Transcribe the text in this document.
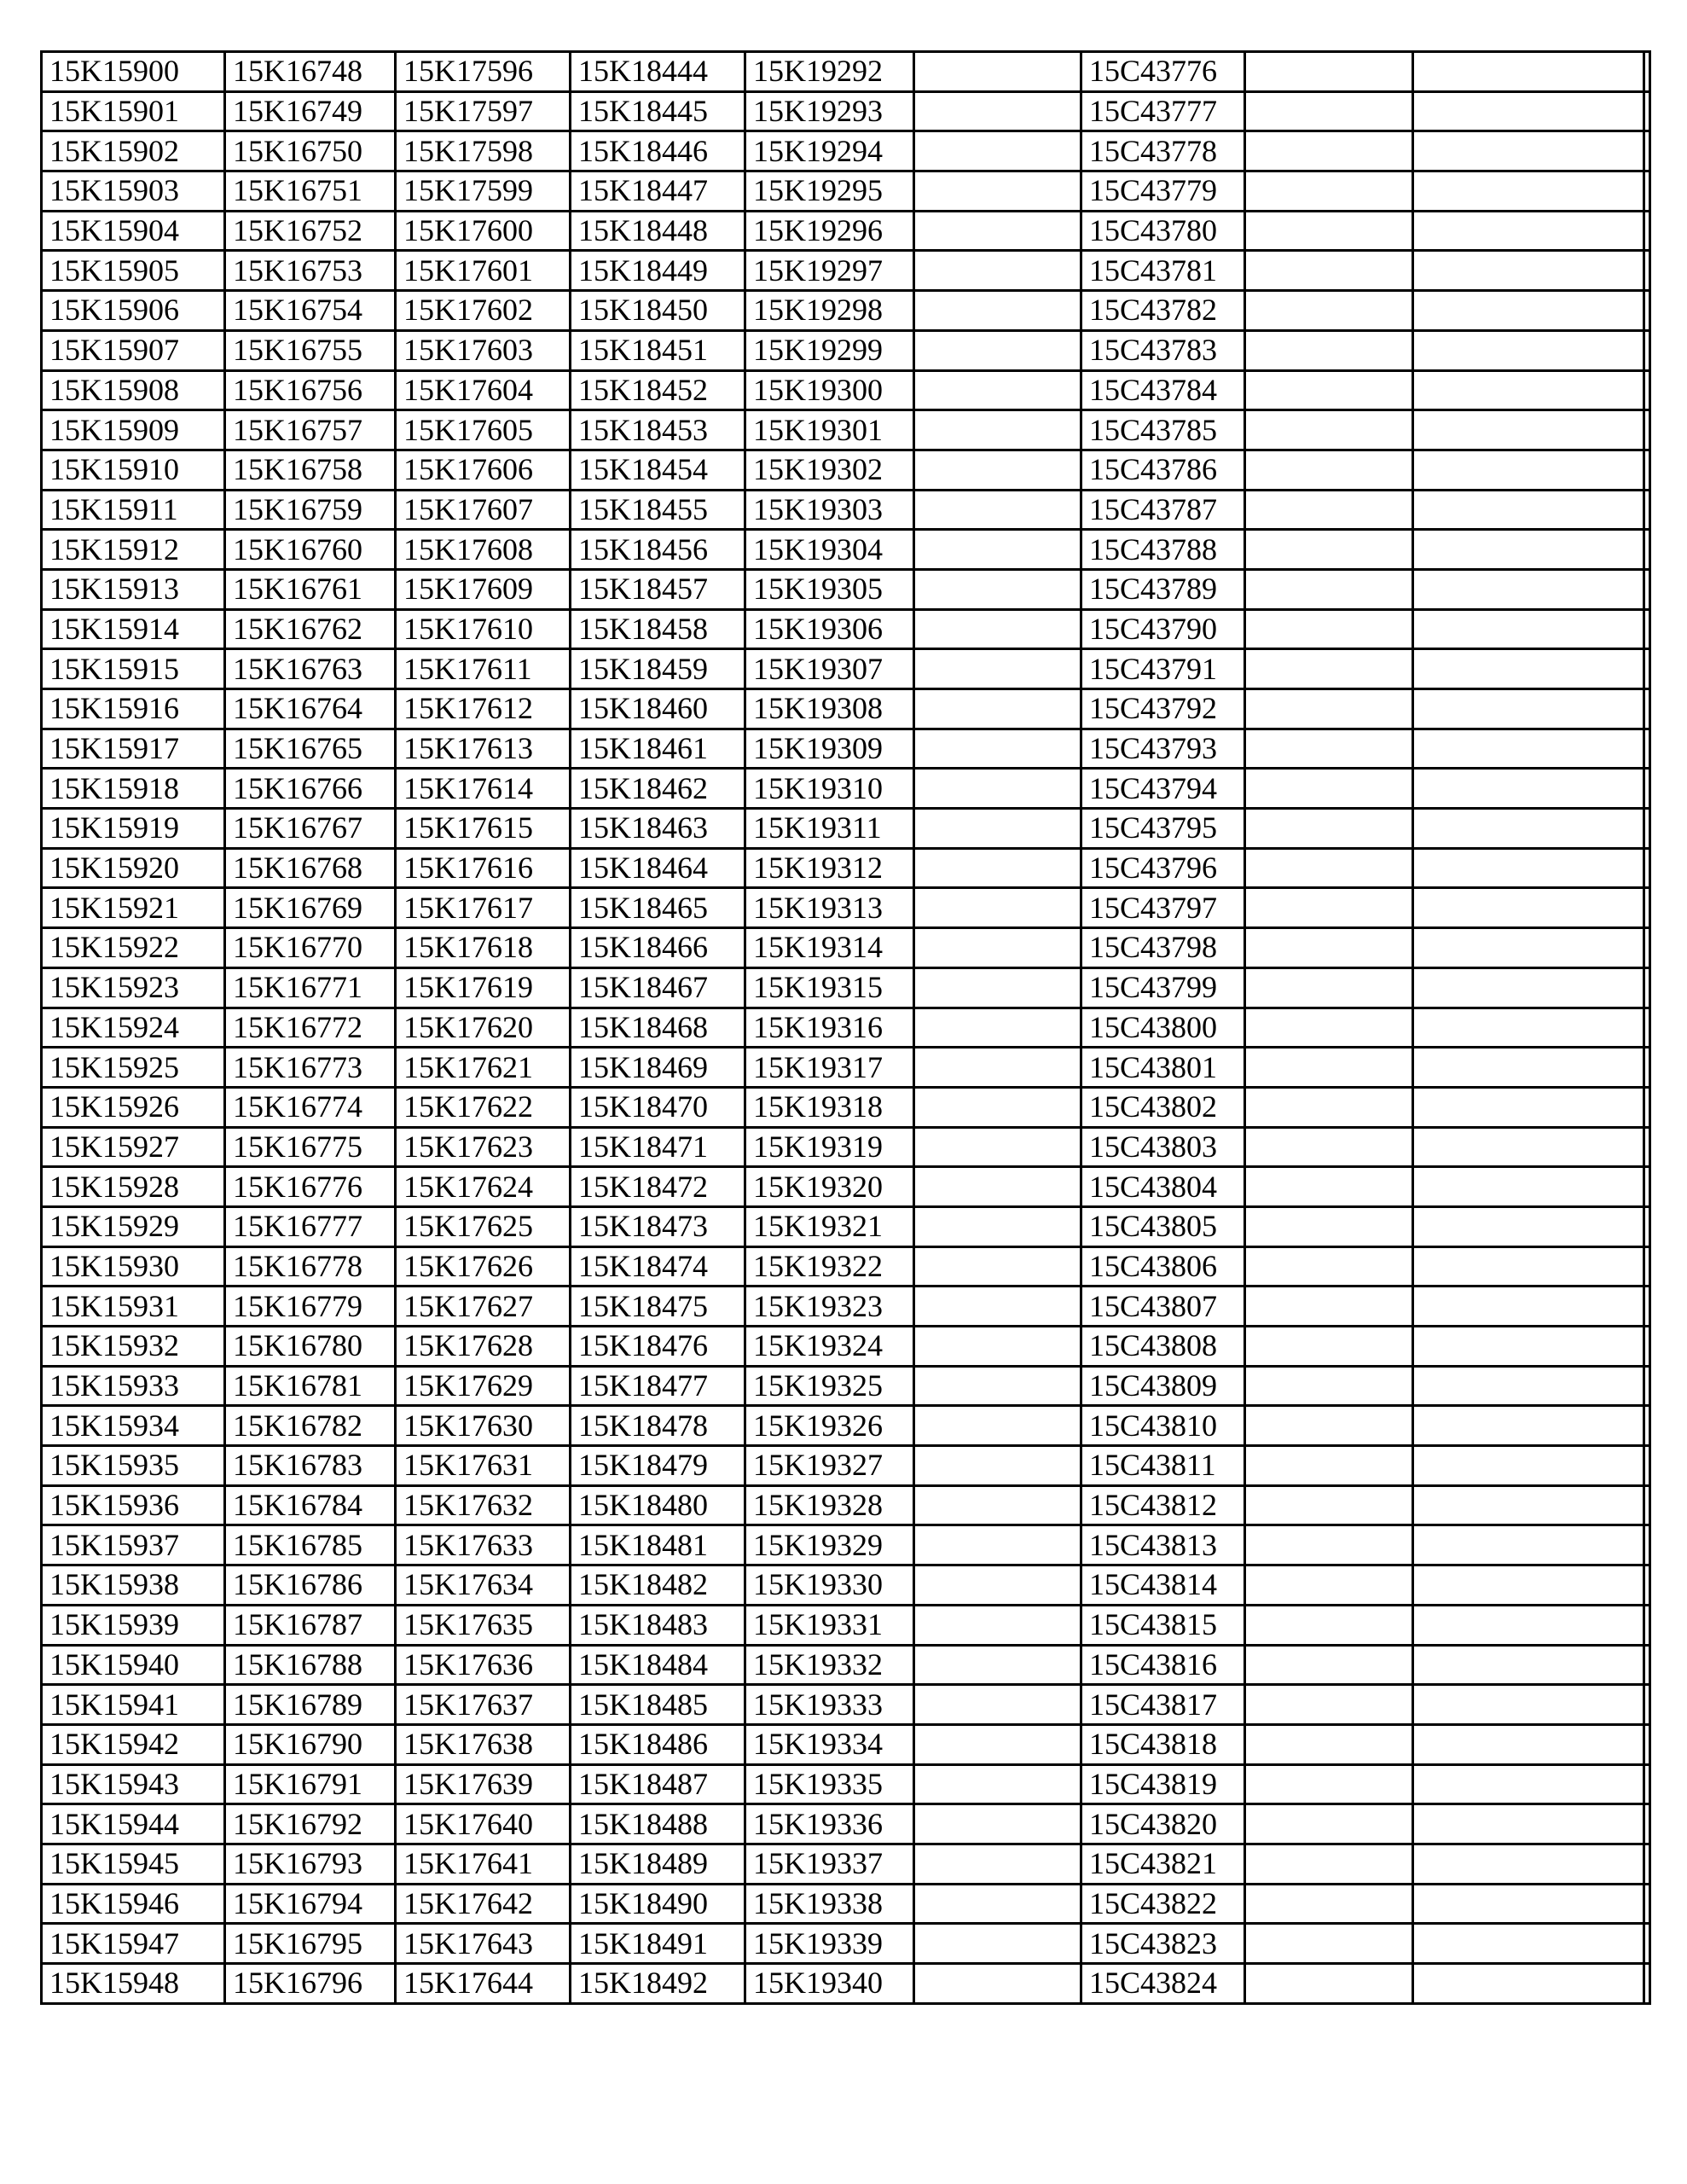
15K15900	15K16748	15K17596	15K18444	15K19292		15C43776			
15K15901	15K16749	15K17597	15K18445	15K19293		15C43777			
15K15902	15K16750	15K17598	15K18446	15K19294		15C43778			
15K15903	15K16751	15K17599	15K18447	15K19295		15C43779			
15K15904	15K16752	15K17600	15K18448	15K19296		15C43780			
15K15905	15K16753	15K17601	15K18449	15K19297		15C43781			
15K15906	15K16754	15K17602	15K18450	15K19298		15C43782			
15K15907	15K16755	15K17603	15K18451	15K19299		15C43783			
15K15908	15K16756	15K17604	15K18452	15K19300		15C43784			
15K15909	15K16757	15K17605	15K18453	15K19301		15C43785			
15K15910	15K16758	15K17606	15K18454	15K19302		15C43786			
15K15911	15K16759	15K17607	15K18455	15K19303		15C43787			
15K15912	15K16760	15K17608	15K18456	15K19304		15C43788			
15K15913	15K16761	15K17609	15K18457	15K19305		15C43789			
15K15914	15K16762	15K17610	15K18458	15K19306		15C43790			
15K15915	15K16763	15K17611	15K18459	15K19307		15C43791			
15K15916	15K16764	15K17612	15K18460	15K19308		15C43792			
15K15917	15K16765	15K17613	15K18461	15K19309		15C43793			
15K15918	15K16766	15K17614	15K18462	15K19310		15C43794			
15K15919	15K16767	15K17615	15K18463	15K19311		15C43795			
15K15920	15K16768	15K17616	15K18464	15K19312		15C43796			
15K15921	15K16769	15K17617	15K18465	15K19313		15C43797			
15K15922	15K16770	15K17618	15K18466	15K19314		15C43798			
15K15923	15K16771	15K17619	15K18467	15K19315		15C43799			
15K15924	15K16772	15K17620	15K18468	15K19316		15C43800			
15K15925	15K16773	15K17621	15K18469	15K19317		15C43801			
15K15926	15K16774	15K17622	15K18470	15K19318		15C43802			
15K15927	15K16775	15K17623	15K18471	15K19319		15C43803			
15K15928	15K16776	15K17624	15K18472	15K19320		15C43804			
15K15929	15K16777	15K17625	15K18473	15K19321		15C43805			
15K15930	15K16778	15K17626	15K18474	15K19322		15C43806			
15K15931	15K16779	15K17627	15K18475	15K19323		15C43807			
15K15932	15K16780	15K17628	15K18476	15K19324		15C43808			
15K15933	15K16781	15K17629	15K18477	15K19325		15C43809			
15K15934	15K16782	15K17630	15K18478	15K19326		15C43810			
15K15935	15K16783	15K17631	15K18479	15K19327		15C43811			
15K15936	15K16784	15K17632	15K18480	15K19328		15C43812			
15K15937	15K16785	15K17633	15K18481	15K19329		15C43813			
15K15938	15K16786	15K17634	15K18482	15K19330		15C43814			
15K15939	15K16787	15K17635	15K18483	15K19331		15C43815			
15K15940	15K16788	15K17636	15K18484	15K19332		15C43816			
15K15941	15K16789	15K17637	15K18485	15K19333		15C43817			
15K15942	15K16790	15K17638	15K18486	15K19334		15C43818			
15K15943	15K16791	15K17639	15K18487	15K19335		15C43819			
15K15944	15K16792	15K17640	15K18488	15K19336		15C43820			
15K15945	15K16793	15K17641	15K18489	15K19337		15C43821			
15K15946	15K16794	15K17642	15K18490	15K19338		15C43822			
15K15947	15K16795	15K17643	15K18491	15K19339		15C43823			
15K15948	15K16796	15K17644	15K18492	15K19340		15C43824			
